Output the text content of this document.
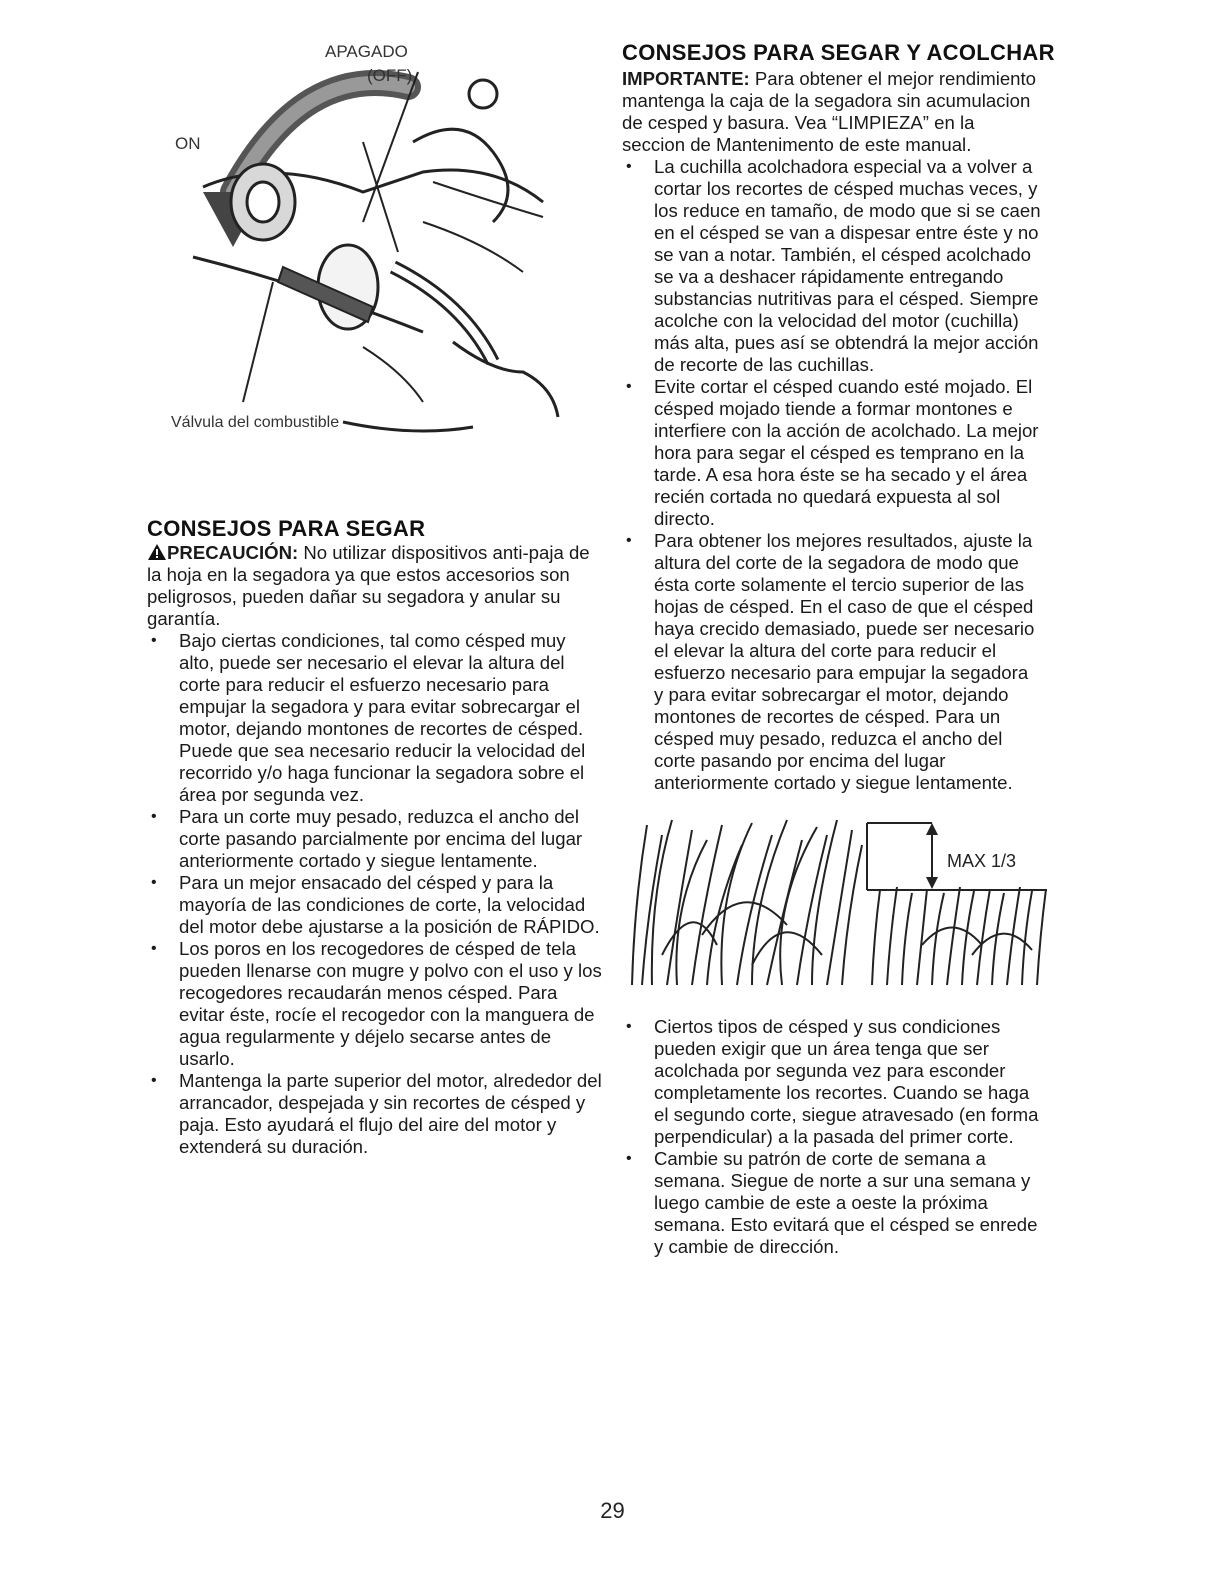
APAGADO
(OFF)
ON
Válvula del combustible
CONSEJOS PARA SEGAR

PRECAUCIÓN: No utilizar dispositivos anti-paja de la hoja en la segadora ya que estos accesorios son peligrosos, pueden dañar su segadora y anular su garantía.

• Bajo ciertas condiciones, tal como césped muy alto, puede ser necesario el elevar la altura del corte para reducir el esfuerzo necesario para empujar la segadora y para evitar sobrecargar el motor, dejando montones de recortes de césped. Puede que sea necesario reducir la velocidad del recorrido y/o haga funcionar la segadora sobre el área por segunda vez.
• Para un corte muy pesado, reduzca el ancho del corte pasando parcialmente por encima del lugar anteriormente cortado y siegue lentamente.
• Para un mejor ensacado del césped y para la mayoría de las condiciones de corte, la velocidad del motor debe ajustarse a la posición de RÁPIDO.
• Los poros en los recogedores de césped de tela pueden llenarse con mugre y polvo con el uso y los recogedores recaudarán menos césped. Para evitar éste, rocíe el recogedor con la manguera de agua regularmente y déjelo secarse antes de usarlo.
• Mantenga la parte superior del motor, alrededor del arrancador, despejada y sin recortes de césped y paja. Esto ayudará el flujo del aire del motor y extenderá su duración.
CONSEJOS PARA SEGAR Y ACOLCHAR

IMPORTANTE: Para obtener el mejor rendimiento mantenga la caja de la segadora sin acumulacion de cesped y basura. Vea “LIMPIEZA” en la seccion de Mantenimento de este manual.

• La cuchilla acolchadora especial va a volver a cortar los recortes de césped muchas veces, y los reduce en tamaño, de modo que si se caen en el césped se van a dispesar entre éste y no se van a notar. También, el césped acolchado se va a deshacer rápidamente entregando substancias nutritivas para el césped. Siempre acolche con la velocidad del motor (cuchilla) más alta, pues así se obtendrá la mejor acción de recorte de las cuchillas.
• Evite cortar el césped cuando esté mojado. El césped mojado tiende a formar montones e interfiere con la acción de acolchado. La mejor hora para segar el césped es temprano en la tarde. A esa hora éste se ha secado y el área recién cortada no quedará expuesta al sol directo.
• Para obtener los mejores resultados, ajuste la altura del corte de la segadora de modo que ésta corte solamente el tercio superior de las hojas de césped. En el caso de que el césped haya crecido demasiado, puede ser necesario el elevar la altura del corte para reducir el esfuerzo necesario para empujar la segadora y para evitar sobrecargar el motor, dejando montones de recortes de césped. Para un césped muy pesado, reduzca el ancho del corte pasando por encima del lugar anteriormente cortado y siegue lentamente.
MAX 1/3
• Ciertos tipos de césped y sus condiciones pueden exigir que un área tenga que ser acolchada por segunda vez para esconder completamente los recortes. Cuando se haga el segundo corte, siegue atravesado (en forma perpendicular) a la pasada del primer corte.
• Cambie su patrón de corte de semana a semana. Siegue de norte a sur una semana y luego cambie de este a oeste la próxima semana. Esto evitará que el césped se enrede y cambie de dirección.
29
